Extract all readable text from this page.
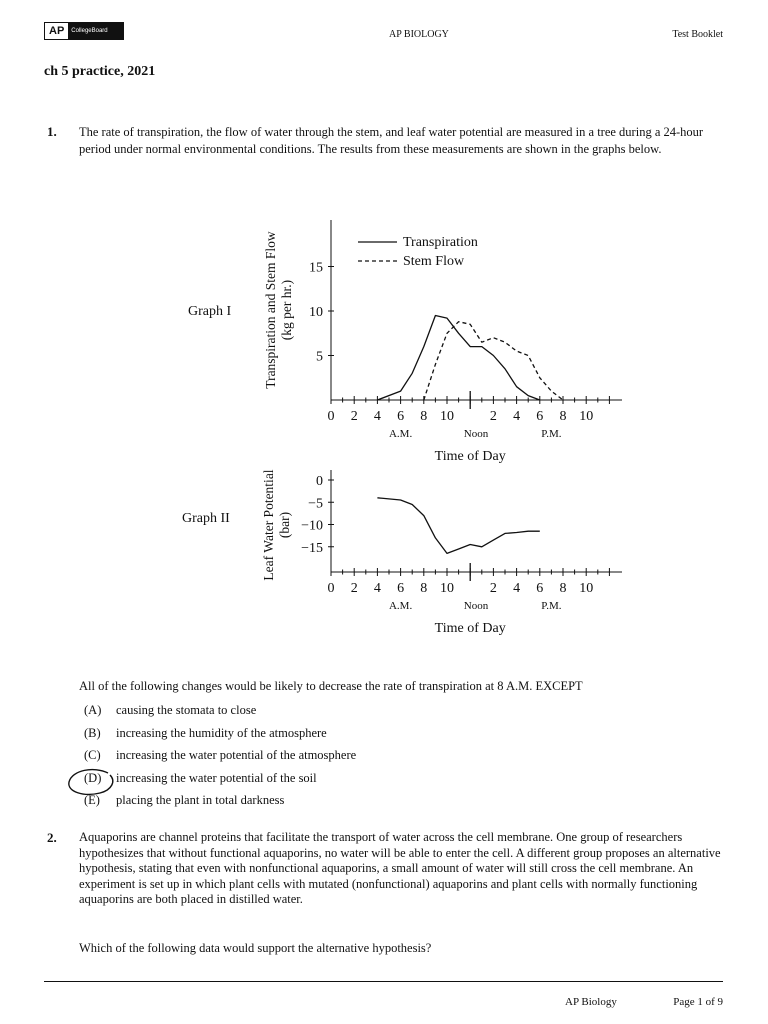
AP	CollegeBoard	AP BIOLOGY	Test Booklet
ch 5 practice, 2021
1. The rate of transpiration, the flow of water through the stem, and leaf water potential are measured in a tree during a 24-hour period under normal environmental conditions. The results from these measurements are shown in the graphs below.
Graph I
5
10
15
0 2 4 6 8 10	2 4 6 8 10
A.M.	Noon	P.M.
Time of Day
Transpiration and Stem Flow (kg per hr.)
Transpiration
Stem Flow
Graph II
0
−5
−10
−15
0 2 4 6 8 10	2 4 6 8 10
A.M.	Noon	P.M.
Time of Day
Leaf Water Potential (bar)
All of the following changes would be likely to decrease the rate of transpiration at 8 A.M. EXCEPT
(A)	causing the stomata to close
(B)	increasing the humidity of the atmosphere
(C)	increasing the water potential of the atmosphere
(D)	increasing the water potential of the soil
(E)	placing the plant in total darkness
2. Aquaporins are channel proteins that facilitate the transport of water across the cell membrane. One group of researchers hypothesizes that without functional aquaporins, no water will be able to enter the cell. A different group proposes an alternative hypothesis, stating that even with nonfunctional aquaporins, a small amount of water will still cross the cell membrane. An experiment is set up in which plant cells with mutated (nonfunctional) aquaporins and plant cells with normally functioning aquaporins are both placed in distilled water.
Which of the following data would support the alternative hypothesis?
AP Biology	Page 1 of 9
